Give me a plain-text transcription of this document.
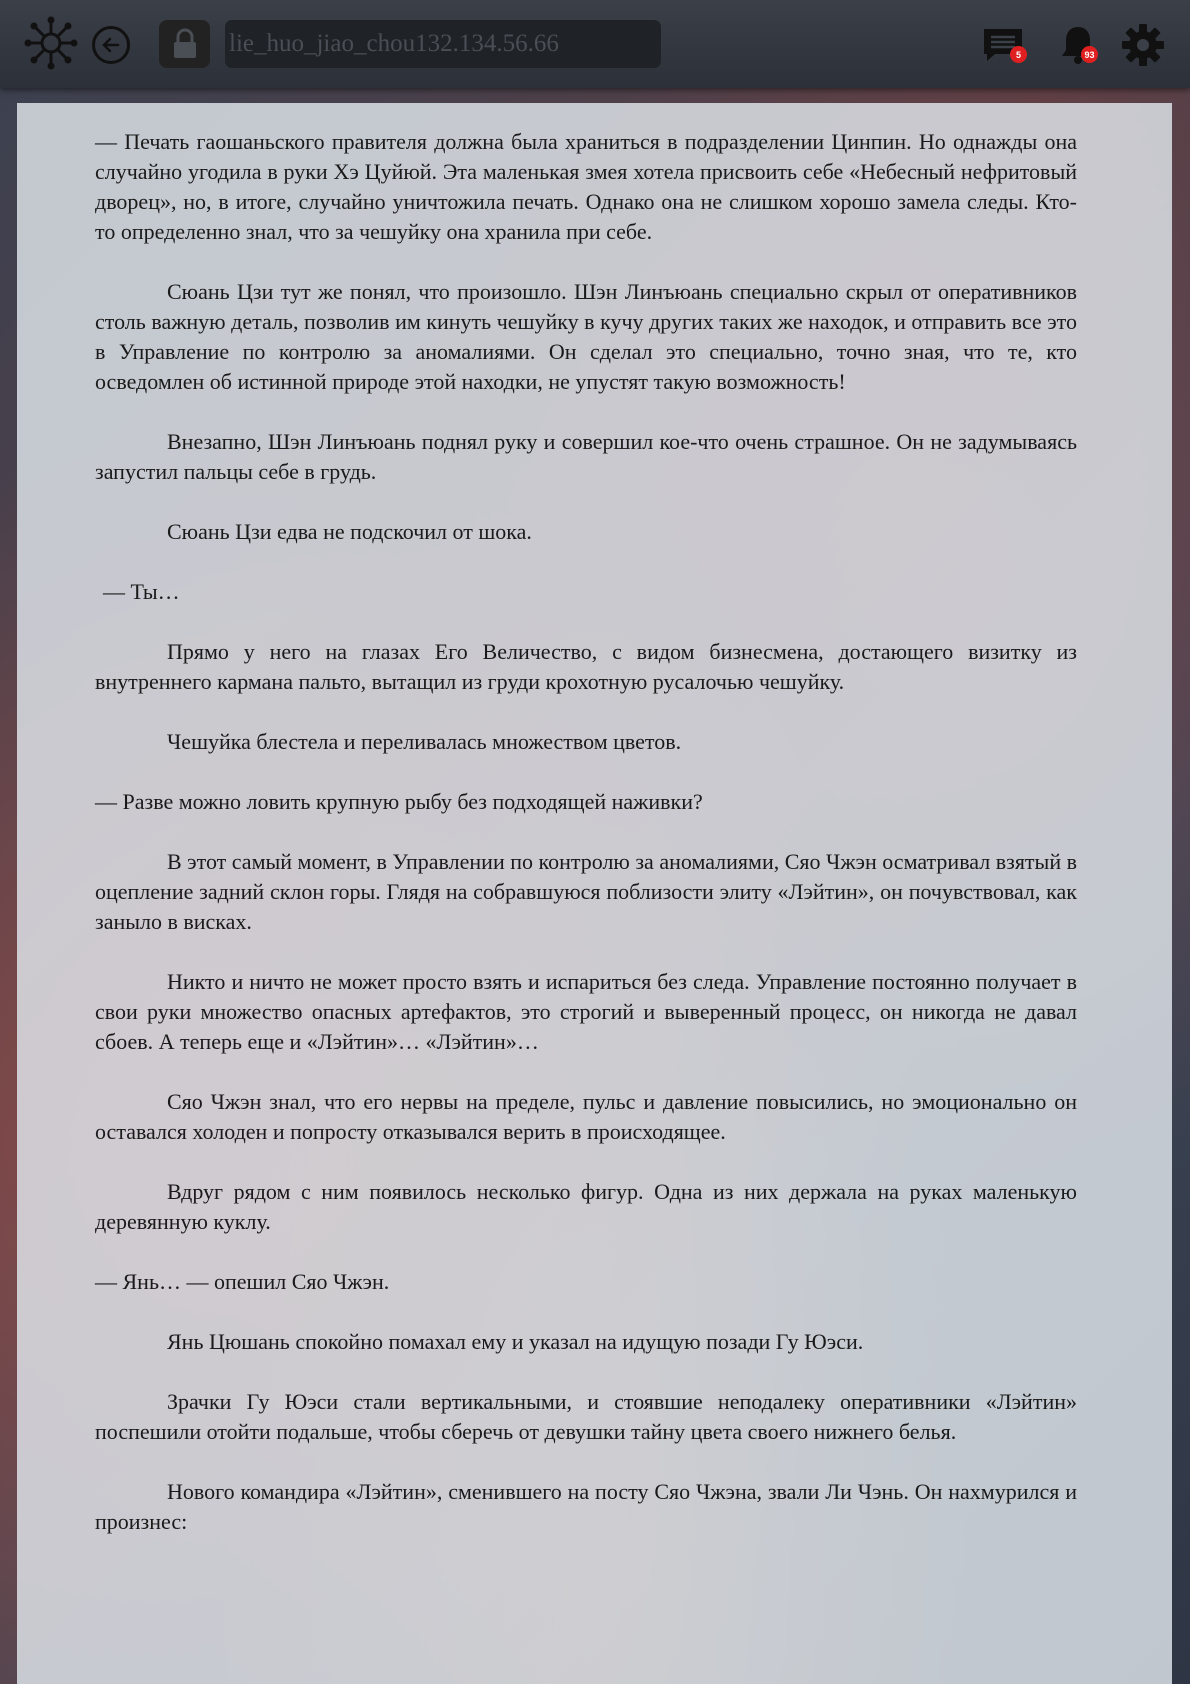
lie_huo_jiao_chou132.134.56.66
5	93

— Печать гаошаньского правителя должна была храниться в подразделении Цинпин. Но однажды она случайно угодила в руки Хэ Цуйюй. Эта маленькая змея хотела присвоить себе «Небесный нефритовый дворец», но, в итоге, случайно уничтожила печать. Однако она не слишком хорошо замела следы. Кто-то определенно знал, что за чешуйку она хранила при себе.

Сюань Цзи тут же понял, что произошло. Шэн Линъюань специально скрыл от оперативников столь важную деталь, позволив им кинуть чешуйку в кучу других таких же находок, и отправить все это в Управление по контролю за аномалиями. Он сделал это специально, точно зная, что те, кто осведомлен об истинной природе этой находки, не упустят такую возможность!

Внезапно, Шэн Линъюань поднял руку и совершил кое-что очень страшное. Он не задумываясь запустил пальцы себе в грудь.

Сюань Цзи едва не подскочил от шока.

— Ты…

Прямо у него на глазах Его Величество, с видом бизнесмена, достающего визитку из внутреннего кармана пальто, вытащил из груди крохотную русалочью чешуйку.

Чешуйка блестела и переливалась множеством цветов.

— Разве можно ловить крупную рыбу без подходящей наживки?

В этот самый момент, в Управлении по контролю за аномалиями, Сяо Чжэн осматривал взятый в оцепление задний склон горы. Глядя на собравшуюся поблизости элиту «Лэйтин», он почувствовал, как заныло в висках.

Никто и ничто не может просто взять и испариться без следа. Управление постоянно получает в свои руки множество опасных артефактов, это строгий и выверенный процесс, он никогда не давал сбоев. А теперь еще и «Лэйтин»… «Лэйтин»…

Сяо Чжэн знал, что его нервы на пределе, пульс и давление повысились, но эмоционально он оставался холоден и попросту отказывался верить в происходящее.

Вдруг рядом с ним появилось несколько фигур. Одна из них держала на руках маленькую деревянную куклу.

— Янь… — опешил Сяо Чжэн.

Янь Цюшань спокойно помахал ему и указал на идущую позади Гу Юэси.

Зрачки Гу Юэси стали вертикальными, и стоявшие неподалеку оперативники «Лэйтин» поспешили отойти подальше, чтобы сберечь от девушки тайну цвета своего нижнего белья.

Нового командира «Лэйтин», сменившего на посту Сяо Чжэна, звали Ли Чэнь. Он нахмурился и произнес:
